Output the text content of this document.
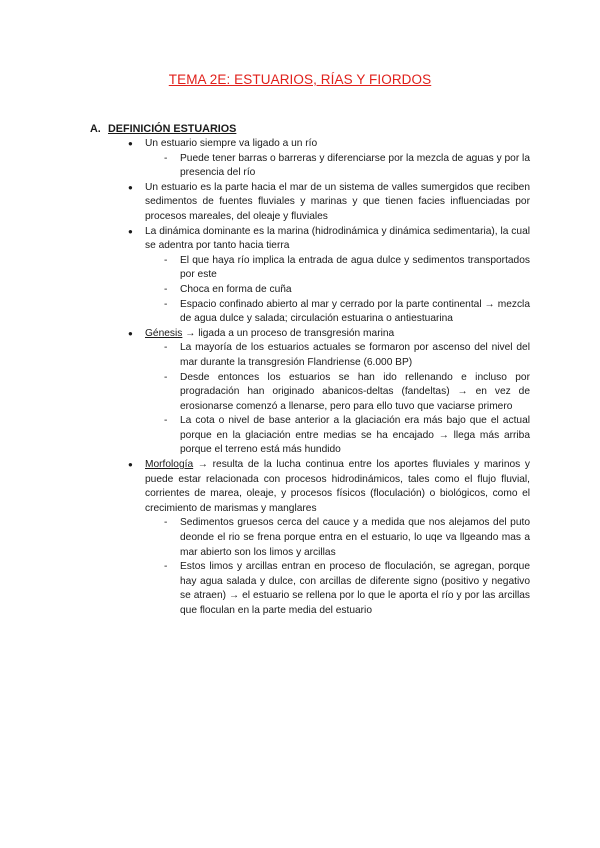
TEMA 2E: ESTUARIOS, RÍAS Y FIORDOS
A. DEFINICIÓN ESTUARIOS
● Un estuario siempre va ligado a un río
- Puede tener barras o barreras y diferenciarse por la mezcla de aguas y por la presencia del río
● Un estuario es la parte hacia el mar de un sistema de valles sumergidos que reciben sedimentos de fuentes fluviales y marinas y que tienen facies influenciadas por procesos mareales, del oleaje y fluviales
● La dinámica dominante es la marina (hidrodinámica y dinámica sedimentaria), la cual se adentra por tanto hacia tierra
- El que haya río implica la entrada de agua dulce y sedimentos transportados por este
- Choca en forma de cuña
- Espacio confinado abierto al mar y cerrado por la parte continental → mezcla de agua dulce y salada; circulación estuarina o antiestuarina
● Génesis → ligada a un proceso de transgresión marina
- La mayoría de los estuarios actuales se formaron por ascenso del nivel del mar durante la transgresión Flandriense (6.000 BP)
- Desde entonces los estuarios se han ido rellenando e incluso por progradación han originado abanicos-deltas (fandeltas) → en vez de erosionarse comenzó a llenarse, pero para ello tuvo que vaciarse primero
- La cota o nivel de base anterior a la glaciación era más bajo que el actual porque en la glaciación entre medias se ha encajado → llega más arriba porque el terreno está más hundido
● Morfología → resulta de la lucha continua entre los aportes fluviales y marinos y puede estar relacionada con procesos hidrodinámicos, tales como el flujo fluvial, corrientes de marea, oleaje, y procesos físicos (floculación) o biológicos, como el crecimiento de marismas y manglares
- Sedimentos gruesos cerca del cauce y a medida que nos alejamos del puto deonde el rio se frena porque entra en el estuario, lo uqe va llgeando mas a mar abierto son los limos y arcillas
- Estos limos y arcillas entran en proceso de floculación, se agregan, porque hay agua salada y dulce, con arcillas de diferente signo (positivo y negativo se atraen) → el estuario se rellena por lo que le aporta el río y por las arcillas que floculan en la parte media del estuario
